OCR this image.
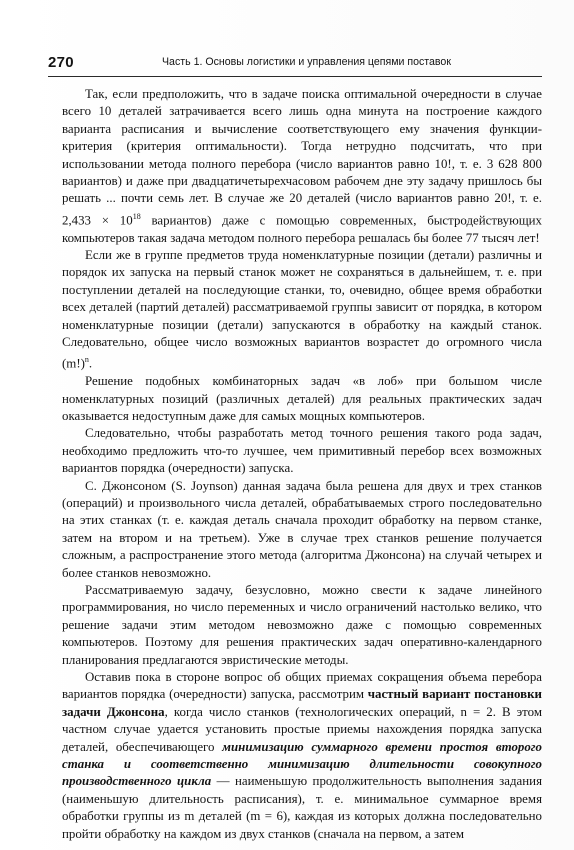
270	Часть 1. Основы логистики и управления цепями поставок

Так, если предположить, что в задаче поиска оптимальной очередности в случае всего 10 деталей затрачивается всего лишь одна минута на построение каждого варианта расписания и вычисление соответствующего ему значения функции-критерия (критерия оптимальности). Тогда нетрудно подсчитать, что при использовании метода полного перебора (число вариантов равно 10!, т. е. 3 628 800 вариантов) и даже при двадцатичетырехчасовом рабочем дне эту задачу пришлось бы решать ... почти семь лет. В случае же 20 деталей (число вариантов равно 20!, т. е. $2,433 \times 10^{18}$ вариантов) даже с помощью современных, быстродействующих компьютеров такая задача методом полного перебора решалась бы более 77 тысяч лет!

Если же в группе предметов труда номенклатурные позиции (детали) различны и порядок их запуска на первый станок может не сохраняться в дальнейшем, т. е. при поступлении деталей на последующие станки, то, очевидно, общее время обработки всех деталей (партий деталей) рассматриваемой группы зависит от порядка, в котором номенклатурные позиции (детали) запускаются в обработку на каждый станок. Следовательно, общее число возможных вариантов возрастет до огромного числа $(m!)^n$.

Решение подобных комбинаторных задач «в лоб» при большом числе номенклатурных позиций (различных деталей) для реальных практических задач оказывается недоступным даже для самых мощных компьютеров.

Следовательно, чтобы разработать метод точного решения такого рода задач, необходимо предложить что-то лучшее, чем примитивный перебор всех возможных вариантов порядка (очередности) запуска.

С. Джонсоном (S. Joynson) данная задача была решена для двух и трех станков (операций) и произвольного числа деталей, обрабатываемых строго последовательно на этих станках (т. е. каждая деталь сначала проходит обработку на первом станке, затем на втором и на третьем). Уже в случае трех станков решение получается сложным, а распространение этого метода (алгоритма Джонсона) на случай четырех и более станков невозможно.

Рассматриваемую задачу, безусловно, можно свести к задаче линейного программирования, но число переменных и число ограничений настолько велико, что решение задачи этим методом невозможно даже с помощью современных компьютеров. Поэтому для решения практических задач оперативно-календарного планирования предлагаются эвристические методы.

Оставив пока в стороне вопрос об общих приемах сокращения объема перебора вариантов порядка (очередности) запуска, рассмотрим частный вариант постановки задачи Джонсона, когда число станков (технологических операций, n = 2. В этом частном случае удается установить простые приемы нахождения порядка запуска деталей, обеспечивающего минимизацию суммарного времени простоя второго станка и соответственно минимизацию длительности совокупного производственного цикла — наименьшую продолжительность выполнения задания (наименьшую длительность расписания), т. е. минимальное суммарное время обработки группы из m деталей (m = 6), каждая из которых должна последовательно пройти обработку на каждом из двух станков (сначала на первом, а затем
